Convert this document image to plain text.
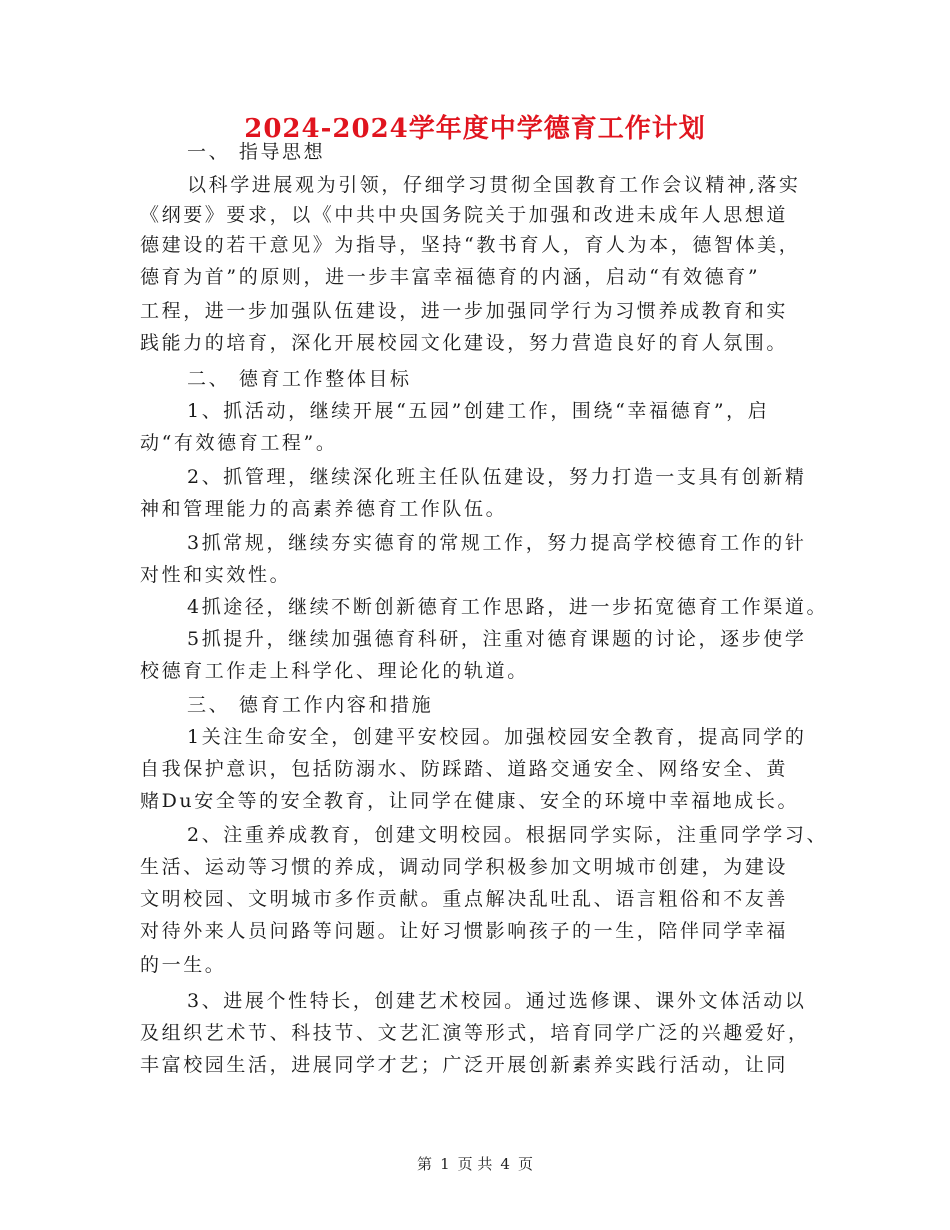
2024-2024学年度中学德育工作计划
一、 指导思想
以科学进展观为引领，仔细学习贯彻全国教育工作会议精神,落实
《纲要》要求，以《中共中央国务院关于加强和改进未成年人思想道
德建设的若干意见》为指导，坚持“教书育人，育人为本，德智体美，
德育为首”的原则，进一步丰富幸福德育的内涵，启动“有效德育”
工程，进一步加强队伍建设，进一步加强同学行为习惯养成教育和实
践能力的培育，深化开展校园文化建设，努力营造良好的育人氛围。
二、 德育工作整体目标
1、抓活动，继续开展“五园”创建工作，围绕“幸福德育”，启
动“有效德育工程”。
2、抓管理，继续深化班主任队伍建设，努力打造一支具有创新精
神和管理能力的高素养德育工作队伍。
3抓常规，继续夯实德育的常规工作，努力提高学校德育工作的针
对性和实效性。
4抓途径，继续不断创新德育工作思路，进一步拓宽德育工作渠道。
5抓提升，继续加强德育科研，注重对德育课题的讨论，逐步使学
校德育工作走上科学化、理论化的轨道。
三、 德育工作内容和措施
1关注生命安全，创建平安校园。加强校园安全教育，提高同学的
自我保护意识，包括防溺水、防踩踏、道路交通安全、网络安全、黄
赌Du安全等的安全教育，让同学在健康、安全的环境中幸福地成长。
2、注重养成教育，创建文明校园。根据同学实际，注重同学学习、
生活、运动等习惯的养成，调动同学积极参加文明城市创建，为建设
文明校园、文明城市多作贡献。重点解决乱吐乱、语言粗俗和不友善
对待外来人员问路等问题。让好习惯影响孩子的一生，陪伴同学幸福
的一生。
3、进展个性特长，创建艺术校园。通过选修课、课外文体活动以
及组织艺术节、科技节、文艺汇演等形式，培育同学广泛的兴趣爱好，
丰富校园生活，进展同学才艺；广泛开展创新素养实践行活动，让同
第 1 页 共 4 页
